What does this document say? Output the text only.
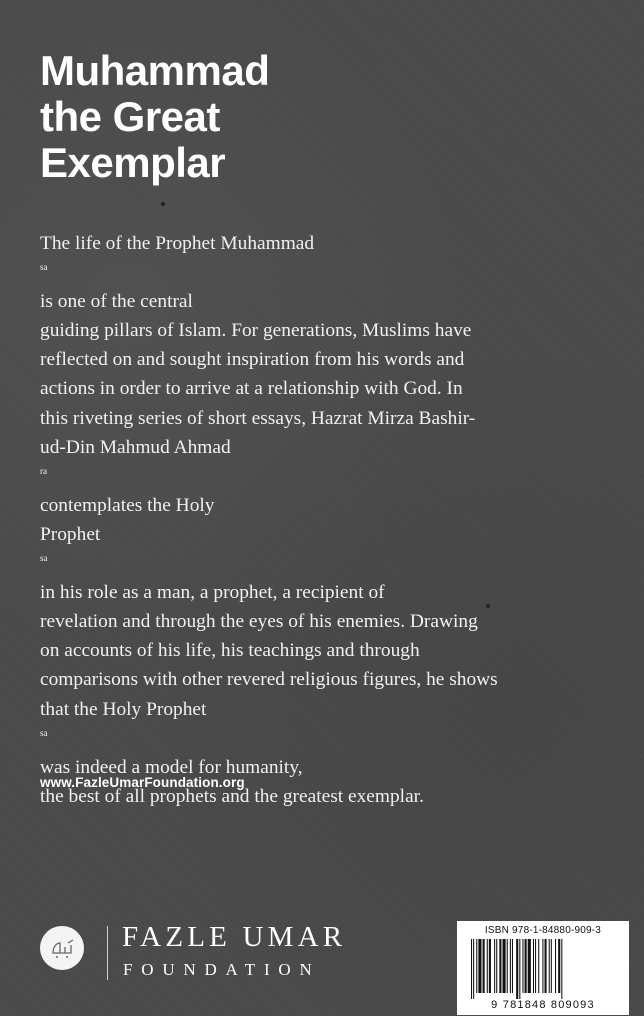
Muhammad
the Great
Exemplar
The life of the Prophet Muhammad
$^{sa}$
is one of the central
guiding pillars of Islam. For generations, Muslims have
reflected on and sought inspiration from his words and
actions in order to arrive at a relationship with God. In
this riveting series of short essays, Hazrat Mirza Bashir-
ud-Din Mahmud Ahmad
$^{ra}$
contemplates the Holy
Prophet
$^{sa}$
in his role as a man, a prophet, a recipient of
revelation and through the eyes of his enemies. Drawing
on accounts of his life, his teachings and through
comparisons with other revered religious figures, he shows
that the Holy Prophet
$^{sa}$
was indeed a model for humanity,
the best of all prophets and the greatest exemplar.
www.FazleUmarFoundation.org
FAZLE UMAR
FOUNDATION
ISBN 978-1-84880-909-3
9 781848 809093
